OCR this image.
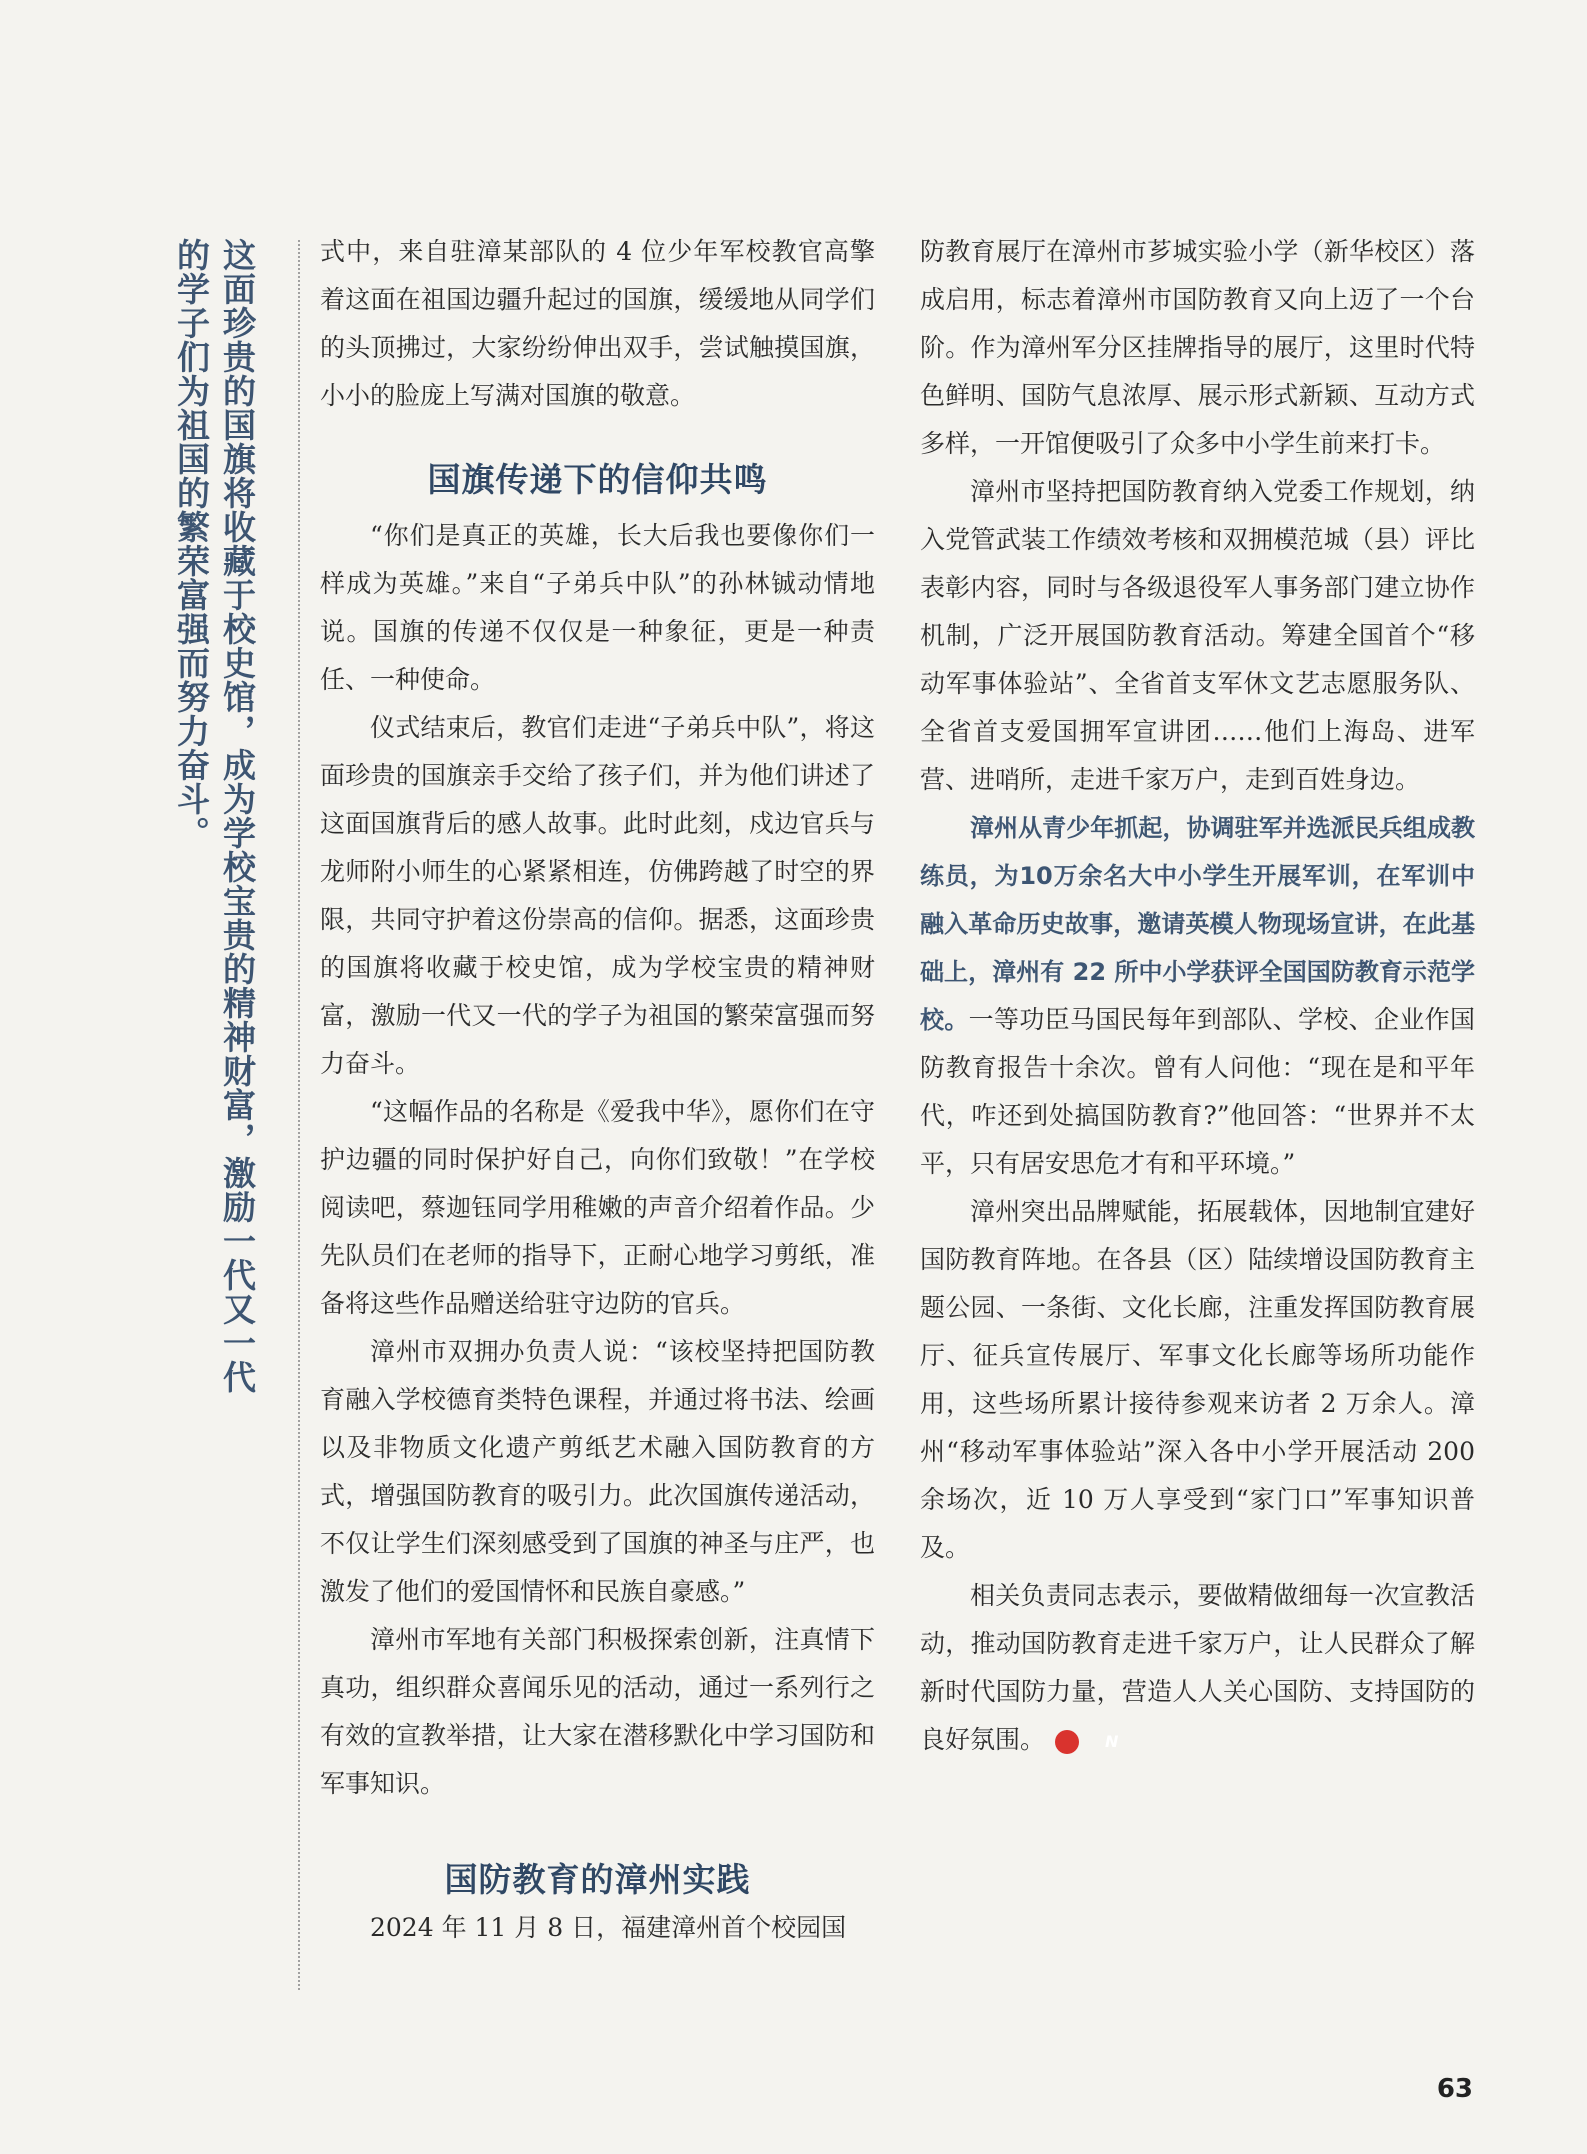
这面珍贵的国旗将收藏于校史馆，成为学校宝贵的精神财富，激励一代又一代
的学子们为祖国的繁荣富强而努力奋斗。	式中，来自驻漳某部队的 4 位少年军校教官高擎着这面在祖国边疆升起过的国旗，缓缓地从同学们的头顶拂过，大家纷纷伸出双手，尝试触摸国旗，小小的脸庞上写满对国旗的敬意。

国旗传递下的信仰共鸣

“你们是真正的英雄，长大后我也要像你们一样成为英雄。”来自“子弟兵中队”的孙林铖动情地说。国旗的传递不仅仅是一种象征，更是一种责任、一种使命。

仪式结束后，教官们走进“子弟兵中队”，将这面珍贵的国旗亲手交给了孩子们，并为他们讲述了这面国旗背后的感人故事。此时此刻，戍边官兵与龙师附小师生的心紧紧相连，仿佛跨越了时空的界限，共同守护着这份崇高的信仰。据悉，这面珍贵的国旗将收藏于校史馆，成为学校宝贵的精神财富，激励一代又一代的学子为祖国的繁荣富强而努力奋斗。

“这幅作品的名称是《爱我中华》，愿你们在守护边疆的同时保护好自己，向你们致敬！”在学校阅读吧，蔡迦钰同学用稚嫩的声音介绍着作品。少先队员们在老师的指导下，正耐心地学习剪纸，准备将这些作品赠送给驻守边防的官兵。

漳州市双拥办负责人说：“该校坚持把国防教育融入学校德育类特色课程，并通过将书法、绘画以及非物质文化遗产剪纸艺术融入国防教育的方式，增强国防教育的吸引力。此次国旗传递活动，不仅让学生们深刻感受到了国旗的神圣与庄严，也激发了他们的爱国情怀和民族自豪感。”

漳州市军地有关部门积极探索创新，注真情下真功，组织群众喜闻乐见的活动，通过一系列行之有效的宣教举措，让大家在潜移默化中学习国防和军事知识。

国防教育的漳州实践

2024 年 11 月 8 日，福建漳州首个校园国

防教育展厅在漳州市芗城实验小学（新华校区）落成启用，标志着漳州市国防教育又向上迈了一个台阶。作为漳州军分区挂牌指导的展厅，这里时代特色鲜明、国防气息浓厚、展示形式新颖、互动方式多样，一开馆便吸引了众多中小学生前来打卡。

漳州市坚持把国防教育纳入党委工作规划，纳入党管武装工作绩效考核和双拥模范城（县）评比表彰内容，同时与各级退役军人事务部门建立协作机制，广泛开展国防教育活动。筹建全国首个“移动军事体验站”、全省首支军休文艺志愿服务队、全省首支爱国拥军宣讲团……他们上海岛、进军营、进哨所，走进千家万户，走到百姓身边。

漳州从青少年抓起，协调驻军并选派民兵组成教练员，为10万余名大中小学生开展军训，在军训中融入革命历史故事，邀请英模人物现场宣讲，在此基础上，漳州有 22 所中小学获评全国国防教育示范学校。一等功臣马国民每年到部队、学校、企业作国防教育报告十余次。曾有人问他：“现在是和平年代，咋还到处搞国防教育?”他回答：“世界并不太平，只有居安思危才有和平环境。”

漳州突出品牌赋能，拓展载体，因地制宜建好国防教育阵地。在各县（区）陆续增设国防教育主题公园、一条街、文化长廊，注重发挥国防教育展厅、征兵宣传展厅、军事文化长廊等场所功能作用，这些场所累计接待参观来访者 2 万余人。漳州“移动军事体验站”深入各中小学开展活动 200 余场次，近 10 万人享受到“家门口”军事知识普及。

相关负责同志表示，要做精做细每一次宣教活动，推动国防教育走进千家万户，让人民群众了解新时代国防力量，营造人人关心国防、支持国防的良好氛围。	N

63
